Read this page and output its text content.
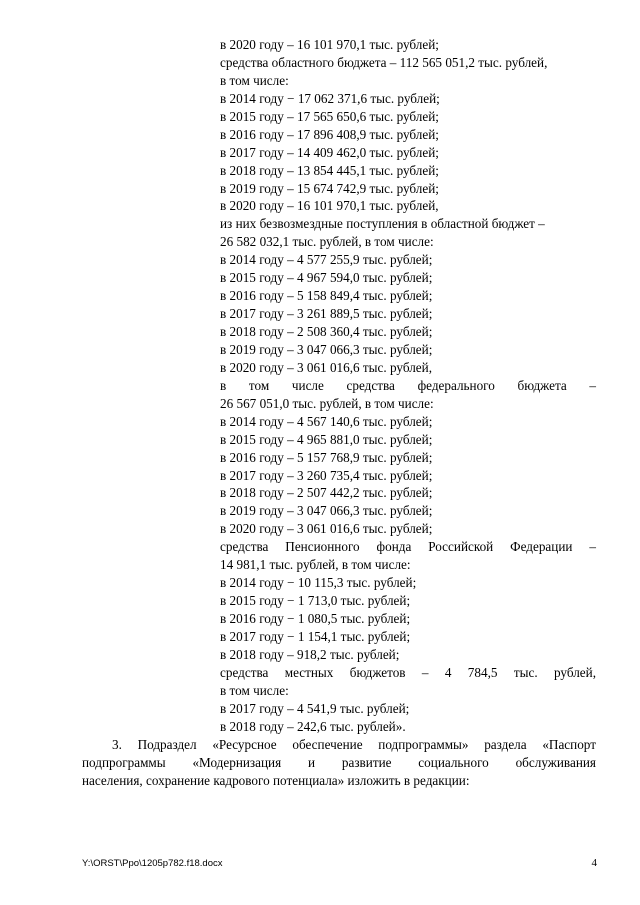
в 2020 году – 16 101 970,1 тыс. рублей;
средства областного бюджета – 112 565 051,2 тыс. рублей,
в том числе:
в 2014 году − 17 062 371,6 тыс. рублей;
в 2015 году – 17 565 650,6 тыс. рублей;
в 2016 году – 17 896 408,9 тыс. рублей;
в 2017 году – 14 409 462,0 тыс. рублей;
в 2018 году – 13 854 445,1 тыс. рублей;
в 2019 году – 15 674 742,9 тыс. рублей;
в 2020 году – 16 101 970,1 тыс. рублей,
из них безвозмездные поступления в областной бюджет –
26 582 032,1 тыс. рублей, в том числе:
в 2014 году – 4 577 255,9 тыс. рублей;
в 2015 году – 4 967 594,0 тыс. рублей;
в 2016 году – 5 158 849,4 тыс. рублей;
в 2017 году – 3 261 889,5 тыс. рублей;
в 2018 году – 2 508 360,4 тыс. рублей;
в 2019 году – 3 047 066,3 тыс. рублей;
в 2020 году – 3 061 016,6 тыс. рублей,
в том числе средства федерального бюджета –
26 567 051,0 тыс. рублей, в том числе:
в 2014 году – 4 567 140,6 тыс. рублей;
в 2015 году – 4 965 881,0 тыс. рублей;
в 2016 году – 5 157 768,9 тыс. рублей;
в 2017 году – 3 260 735,4 тыс. рублей;
в 2018 году – 2 507 442,2 тыс. рублей;
в 2019 году – 3 047 066,3 тыс. рублей;
в 2020 году – 3 061 016,6 тыс. рублей;
средства Пенсионного фонда Российской Федерации –
14 981,1 тыс. рублей, в том числе:
в 2014 году − 10 115,3 тыс. рублей;
в 2015 году − 1 713,0 тыс. рублей;
в 2016 году − 1 080,5 тыс. рублей;
в 2017 году − 1 154,1 тыс. рублей;
в 2018 году – 918,2 тыс. рублей;
средства местных бюджетов – 4 784,5 тыс. рублей,
в том числе:
в 2017 году – 4 541,9 тыс. рублей;
в 2018 году – 242,6 тыс. рублей».
3. Подраздел «Ресурсное обеспечение подпрограммы» раздела «Паспорт
подпрограммы «Модернизация и развитие социального обслуживания
населения, сохранение кадрового потенциала» изложить в редакции:
Y:\ORST\Ppo\1205p782.f18.docx	4
